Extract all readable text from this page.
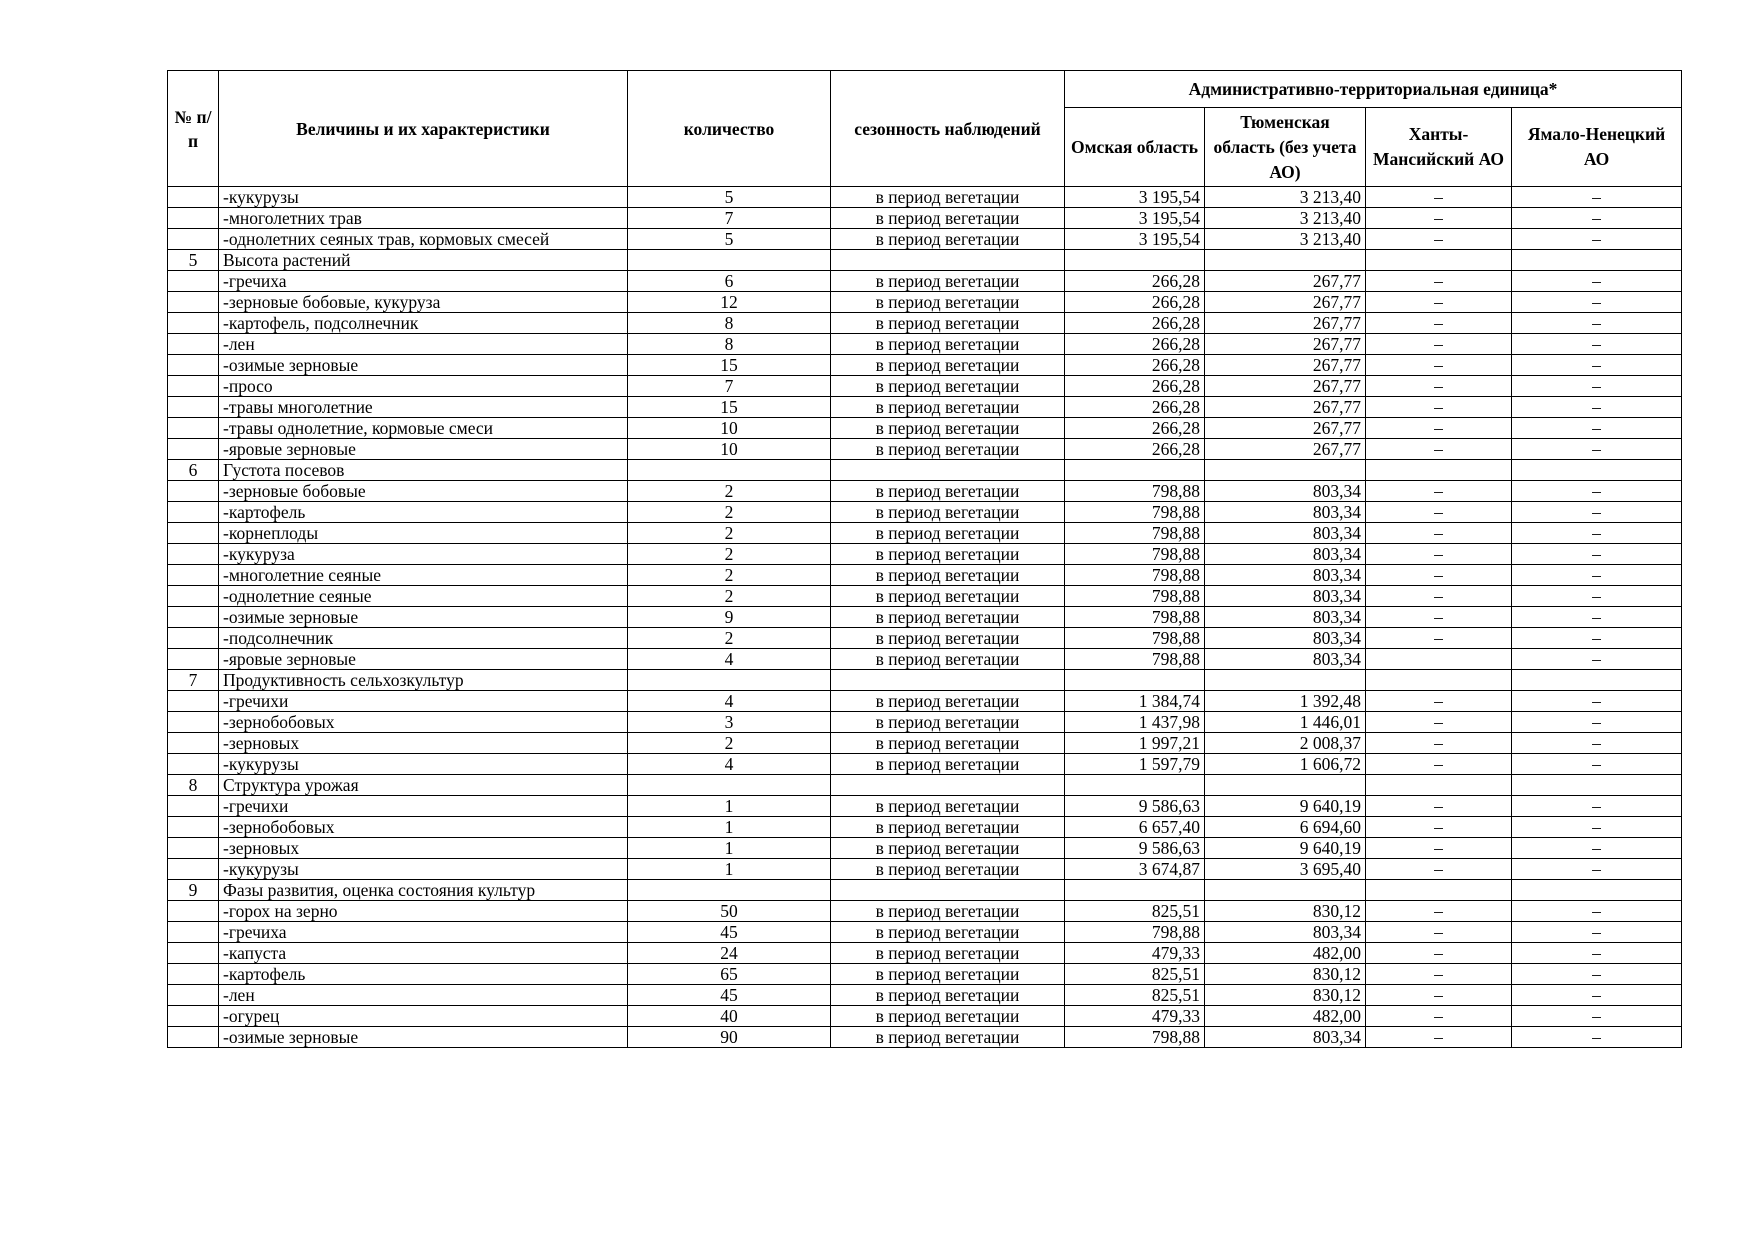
№ п/п	Величины и их характеристики	количество	сезонность наблюдений	Административно-территориальная единица*			
				Омская область	Тюменская область (без учета АО)	Ханты-Мансийский АО	Ямало-Ненецкий АО
	-кукурузы	5	в период вегетации	3 195,54	3 213,40	–	–
	-многолетних трав	7	в период вегетации	3 195,54	3 213,40	–	–
	-однолетних сеяных трав, кормовых смесей	5	в период вегетации	3 195,54	3 213,40	–	–
5	Высота растений						
	-гречиха	6	в период вегетации	266,28	267,77	–	–
	-зерновые бобовые, кукуруза	12	в период вегетации	266,28	267,77	–	–
	-картофель, подсолнечник	8	в период вегетации	266,28	267,77	–	–
	-лен	8	в период вегетации	266,28	267,77	–	–
	-озимые зерновые	15	в период вегетации	266,28	267,77	–	–
	-просо	7	в период вегетации	266,28	267,77	–	–
	-травы многолетние	15	в период вегетации	266,28	267,77	–	–
	-травы однолетние, кормовые смеси	10	в период вегетации	266,28	267,77	–	–
	-яровые зерновые	10	в период вегетации	266,28	267,77	–	–
6	Густота посевов						
	-зерновые бобовые	2	в период вегетации	798,88	803,34	–	–
	-картофель	2	в период вегетации	798,88	803,34	–	–
	-корнеплоды	2	в период вегетации	798,88	803,34	–	–
	-кукуруза	2	в период вегетации	798,88	803,34	–	–
	-многолетние сеяные	2	в период вегетации	798,88	803,34	–	–
	-однолетние сеяные	2	в период вегетации	798,88	803,34	–	–
	-озимые зерновые	9	в период вегетации	798,88	803,34	–	–
	-подсолнечник	2	в период вегетации	798,88	803,34	–	–
	-яровые зерновые	4	в период вегетации	798,88	803,34		–
7	Продуктивность сельхозкультур						
	-гречихи	4	в период вегетации	1 384,74	1 392,48	–	–
	-зернобобовых	3	в период вегетации	1 437,98	1 446,01	–	–
	-зерновых	2	в период вегетации	1 997,21	2 008,37	–	–
	-кукурузы	4	в период вегетации	1 597,79	1 606,72	–	–
8	Структура урожая						
	-гречихи	1	в период вегетации	9 586,63	9 640,19	–	–
	-зернобобовых	1	в период вегетации	6 657,40	6 694,60	–	–
	-зерновых	1	в период вегетации	9 586,63	9 640,19	–	–
	-кукурузы	1	в период вегетации	3 674,87	3 695,40	–	–
9	Фазы развития, оценка состояния культур						
	-горох на зерно	50	в период вегетации	825,51	830,12	–	–
	-гречиха	45	в период вегетации	798,88	803,34	–	–
	-капуста	24	в период вегетации	479,33	482,00	–	–
	-картофель	65	в период вегетации	825,51	830,12	–	–
	-лен	45	в период вегетации	825,51	830,12	–	–
	-огурец	40	в период вегетации	479,33	482,00	–	–
	-озимые зерновые	90	в период вегетации	798,88	803,34	–	–
